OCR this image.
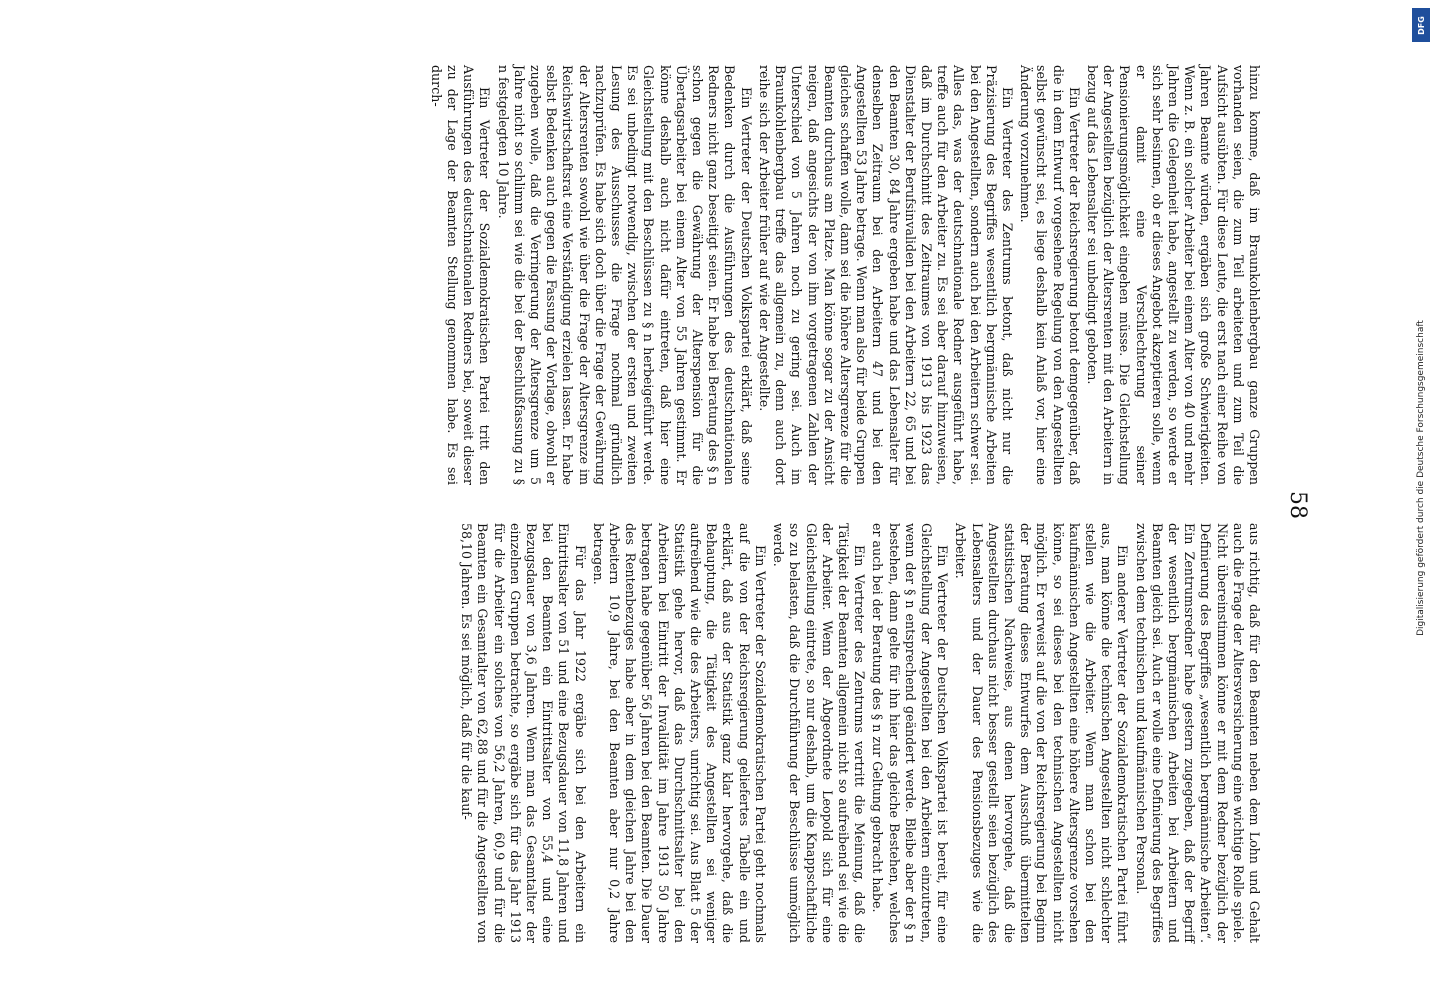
58

hinzu komme, daß im Braunkohlenbergbau ganze Gruppen vorhanden seien, die zum Teil arbeiteten und zum Teil die Aufsicht ausübten. Für diese Leute, die erst nach einer Reihe von Jahren Beamte würden, ergäben sich große Schwierigkeiten. Wenn z. B. ein solcher Arbeiter bei einem Alter von 40 und mehr Jahren die Gelegenheit habe, angestellt zu werden, so werde er sich sehr besinnen, ob er dieses Angebot akzeptieren solle, wenn er damit eine Verschlechterung seiner Pensionierungsmöglichkeit eingehen müsse. Die Gleichstellung der Angestellten bezüglich der Altersrenten mit den Arbeitern in bezug auf das Lebensalter sei unbedingt geboten.

Ein Vertreter der Reichsregierung betont demgegenüber, daß die in dem Entwurf vorgesehene Regelung von den Angestellten selbst gewünscht sei, es liege deshalb kein Anlaß vor, hier eine Änderung vorzunehmen.

Ein Vertreter des Zentrums betont, daß nicht nur die Präzisierung des Begriffes wesentlich bergmännische Arbeiten bei den Angestellten, sondern auch bei den Arbeitern schwer sei. Alles das, was der deutschnationale Redner ausgeführt habe, treffe auch für den Arbeiter zu. Es sei aber darauf hinzuweisen, daß im Durchschnitt des Zeitraumes von 1913 bis 1923 das Dienstalter der Berufsinvaliden bei den Arbeitern 22, 65 und bei den Beamten 30, 84 Jahre ergeben habe und das Lebensalter für denselben Zeitraum bei den Arbeitern 47 und bei den Angestellten 53 Jahre betrage. Wenn man also für beide Gruppen gleiches schaffen wolle, dann sei die höhere Altersgrenze für die Beamten durchaus am Platze. Man könne sogar zu der Ansicht neigen, daß angesichts der von ihm vorgetragenen Zahlen der Unterschied von 5 Jahren noch zu gering sei. Auch im Braunkohlenbergbau treffe das allgemein zu, denn auch dort reihe sich der Arbeiter früher auf wie der Angestellte.

Ein Vertreter der Deutschen Volkspartei erklärt, daß seine Bedenken durch die Ausführungen des deutschnationalen Redners nicht ganz beseitigt seien. Er habe bei Beratung des § n schon gegen die Gewährung der Alterspension für die Übertagsarbeiter bei einem Alter von 55 Jahren gestimmt. Er könne deshalb auch nicht dafür eintreten, daß hier eine Gleichstellung mit den Beschlüssen zu § n herbeigeführt werde. Es sei unbedingt notwendig, zwischen der ersten und zweiten Lesung des Ausschusses die Frage nochmal gründlich nachzuprüfen. Es habe sich doch über die Frage der Gewährung der Altersrenten sowohl wie über die Frage der Altersgrenze im Reichswirtschaftsrat eine Verständigung erzielen lassen. Er habe selbst Bedenken auch gegen die Fassung der Vorlage, obwohl er zugeben wolle, daß die Verringerung der Altersgrenze um 5 Jahre nicht so schlimm sei wie die bei der Beschlußfassung zu § n festgelegten 10 Jahre.

Ein Vertreter der Sozialdemokratischen Partei tritt den Ausführungen des deutschnationalen Redners bei, soweit dieser zu der Lage der Beamten Stellung genommen habe. Es sei durch-

aus richtig, daß für den Beamten neben dem Lohn und Gehalt auch die Frage der Altersversicherung eine wichtige Rolle spiele. Nicht übereinstimmen könne er mit dem Redner bezüglich der Definierung des Begriffes „wesentlich bergmännische Arbeiten“. Ein Zentrumsredner habe gestern zugegeben, daß der Begriff der wesentlich bergmännischen Arbeiten bei Arbeitern und Beamten gleich sei. Auch er wolle eine Definierung des Begriffes zwischen dem technischen und kaufmännischen Personal.

Ein anderer Vertreter der Sozialdemokratischen Partei führt aus, man könne die technischen Angestellten nicht schlechter stellen wie die Arbeiter. Wenn man schon bei den kaufmännischen Angestellten eine höhere Altersgrenze vorsehen könne, so sei dieses bei den technischen Angestellten nicht möglich. Er verweist auf die von der Reichsregierung bei Beginn der Beratung dieses Entwurfes dem Ausschuß übermittelten statistischen Nachweise, aus denen hervorgehe, daß die Angestellten durchaus nicht besser gestellt seien bezüglich des Lebensalters und der Dauer des Pensionsbezuges wie die Arbeiter.

Ein Vertreter der Deutschen Volkspartei ist bereit, für eine Gleichstellung der Angestellten bei den Arbeitern einzutreten, wenn der § n entsprechend geändert werde. Bleibe aber der § n bestehen, dann gelte für ihn hier das gleiche Bestehen, welches er auch bei der Beratung des § n zur Geltung gebracht habe.

Ein Vertreter des Zentrums vertritt die Meinung, daß die Tätigkeit der Beamten allgemein nicht so aufreibend sei wie die der Arbeiter. Wenn der Abgeordnete Leopold sich für eine Gleichstellung eintrete, so nur deshalb, um die Knappschaftliche so zu belasten, daß die Durchführung der Beschlüsse unmöglich werde.

Ein Vertreter der Sozialdemokratischen Partei geht nochmals auf die von der Reichsregierung geliefertes Tabelle ein und erklärt, daß aus der Statistik ganz klar hervorgehe, daß die Behauptung, die Tätigkeit des Angestellten sei weniger aufreibend wie die des Arbeiters, unrichtig sei. Aus Blatt 5 der Statistik gehe hervor, daß das Durchschnittsalter bei den Arbeitern bei Eintritt der Invalidität im Jahre 1913 50 Jahre betragen habe gegenüber 56 Jahren bei den Beamten. Die Dauer des Rentenbezuges habe aber in dem gleichen Jahre bei den Arbeitern 10,9 Jahre, bei den Beamten aber nur 0,2 Jahre betragen.

Für das Jahr 1922 ergäbe sich bei den Arbeitern ein Eintrittsalter von 51 und eine Bezugsdauer von 11,8 Jahren und bei den Beamten ein Eintrittsalter von 55,4 und eine Bezugsdauer von 3,6 Jahren. Wenn man das Gesamtalter der einzelnen Gruppen betrachte, so ergäbe sich für das Jahr 1913 für die Arbeiter ein solches von 56,2 Jahren, 60,9 und für die Beamten ein Gesamtalter von 62,88 und für die Angestellten von 58,10 Jahren. Es sei möglich, daß für die kauf-

DFG
Digitalisierung gefördert durch die Deutsche Forschungsgemeinschaft
